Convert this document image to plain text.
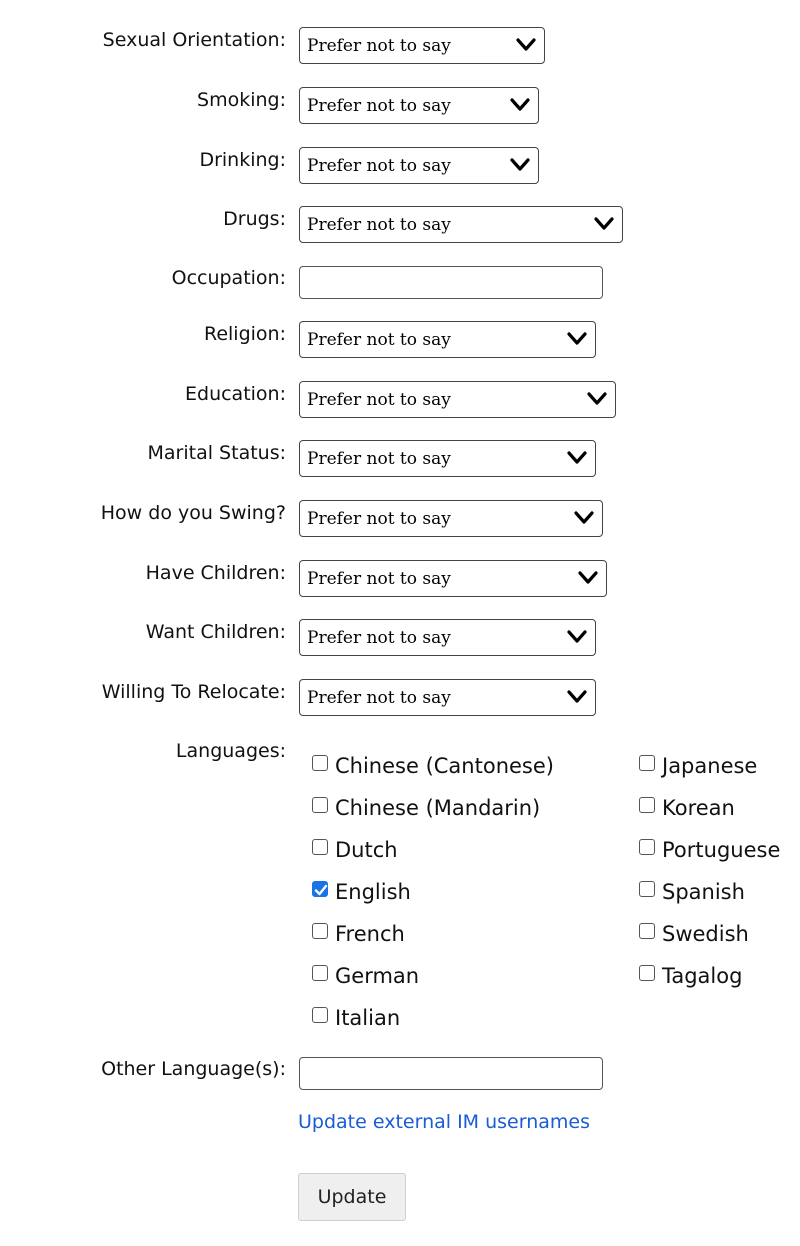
Sexual Orientation: Prefer not to say
Smoking: Prefer not to say
Drinking: Prefer not to say
Drugs: Prefer not to say
Occupation:
Religion: Prefer not to say
Education: Prefer not to say
Marital Status: Prefer not to say
How do you Swing? Prefer not to say
Have Children: Prefer not to say
Want Children: Prefer not to say
Willing To Relocate: Prefer not to say
Languages:
Chinese (Cantonese)
Chinese (Mandarin)
Dutch
English
French
German
Italian
Japanese
Korean
Portuguese
Spanish
Swedish
Tagalog
Other Language(s):
Update external IM usernames
Update
